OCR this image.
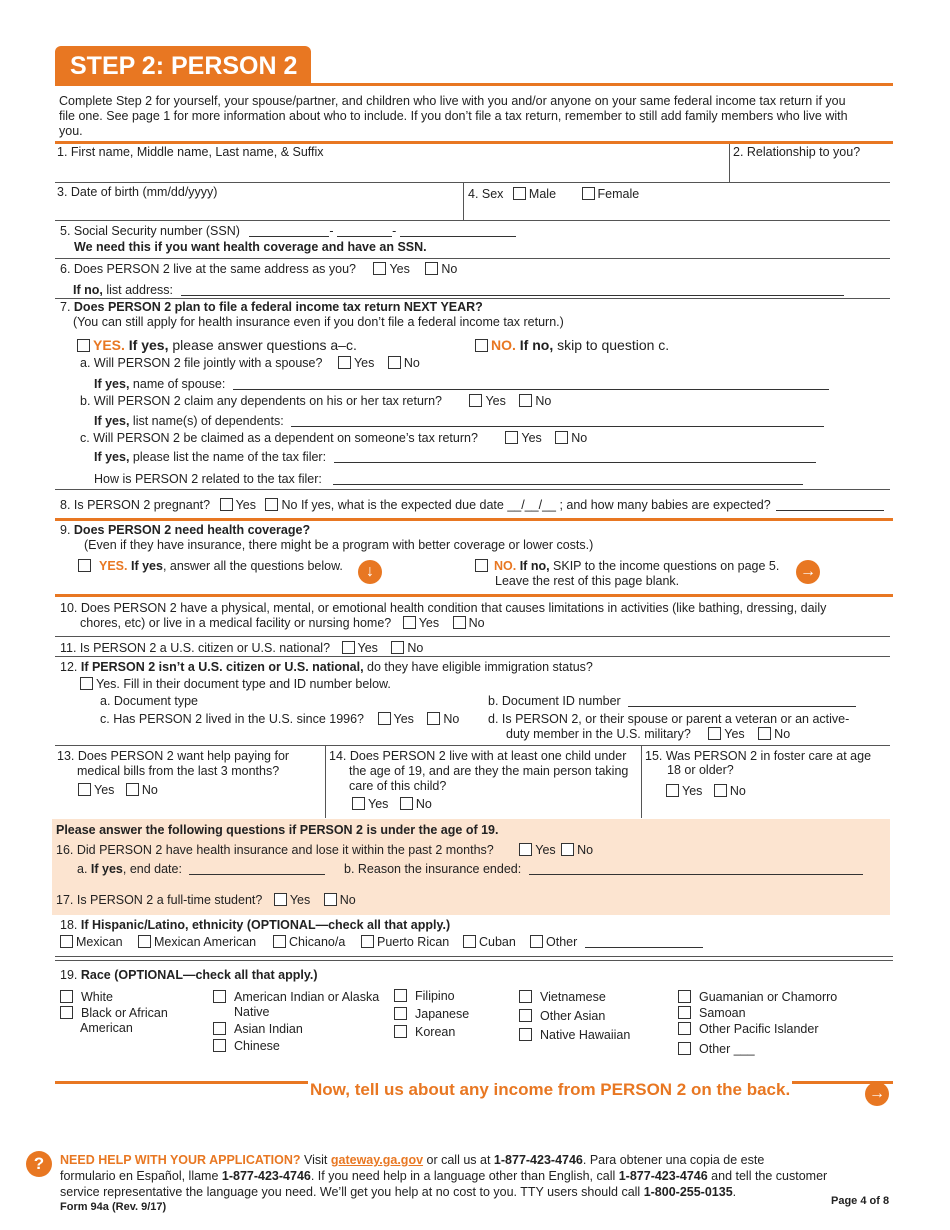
STEP 2: PERSON 2
Complete Step 2 for yourself, your spouse/partner, and children who live with you and/or anyone on your same federal income tax return if you file one. See page 1 for more information about who to include. If you don’t file a tax return, remember to still add family members who live with you.
1. First name, Middle name, Last name, & Suffix	2. Relationship to you?
3. Date of birth (mm/dd/yyyy)	4. Sex Male	Female
5. Social Security number (SSN)	-	-
We need this if you want health coverage and have an SSN.
6. Does PERSON 2 live at the same address as you?	Yes	No
If no, list address:
7. Does PERSON 2 plan to file a federal income tax return NEXT YEAR?
(You can still apply for health insurance even if you don’t file a federal income tax return.)
YES. If yes, please answer questions a–c.	NO. If no, skip to question c.
a. Will PERSON 2 file jointly with a spouse?	Yes No
If yes, name of spouse:
b. Will PERSON 2 claim any dependents on his or her tax return?	Yes No
If yes, list name(s) of dependents:
c. Will PERSON 2 be claimed as a dependent on someone’s tax return?	Yes No
If yes, please list the name of the tax filer:
How is PERSON 2 related to the tax filer:
8. Is PERSON 2 pregnant? Yes No If yes, what is the expected due date __/__/__ ; and how many babies are expected?
9. Does PERSON 2 need health coverage?
(Even if they have insurance, there might be a program with better coverage or lower costs.)
YES. If yes, answer all the questions below.	↓	NO. If no, SKIP to the income questions on page 5.
Leave the rest of this page blank.
→
10. Does PERSON 2 have a physical, mental, or emotional health condition that causes limitations in activities (like bathing, dressing, daily
chores, etc) or live in a medical facility or nursing home? Yes No
11. Is PERSON 2 a U.S. citizen or U.S. national? Yes No
12. If PERSON 2 isn’t a U.S. citizen or U.S. national, do they have eligible immigration status?
Yes. Fill in their document type and ID number below.
a. Document type	b. Document ID number
c. Has PERSON 2 lived in the U.S. since 1996? Yes No d. Is PERSON 2, or their spouse or parent a veteran or an active-
duty member in the U.S. military?	Yes No
13. Does PERSON 2 want help paying for
medical bills from the last 3 months?
Yes No
14. Does PERSON 2 live with at least one child under
the age of 19, and are they the main person taking
care of this child?
Yes No
15. Was PERSON 2 in foster care at age
18 or older?
Yes No
Please answer the following questions if PERSON 2 is under the age of 19.
16. Did PERSON 2 have health insurance and lose it within the past 2 months?	Yes No
a. If yes, end date:	b. Reason the insurance ended:
17. Is PERSON 2 a full-time student? Yes No
18. If Hispanic/Latino, ethnicity (OPTIONAL—check all that apply.)
Mexican	Mexican American	Chicano/a	Puerto Rican	Cuban	Other
19. Race (OPTIONAL—check all that apply.)
White
Black or African
American
American Indian or Alaska
Native
Asian Indian
Chinese
Filipino
Japanese
Korean
Vietnamese
Other Asian
Native Hawaiian
Guamanian or Chamorro
Samoan
Other Pacific Islander
Other ___
Now, tell us about any income from PERSON 2 on the back.	→
?	NEED HELP WITH YOUR APPLICATION? Visit gateway.ga.gov or call us at 1-877-423-4746. Para obtener una copia de este
formulario en Español, llame 1-877-423-4746. If you need help in a language other than English, call 1-877-423-4746 and tell the customer
service representative the language you need. We’ll get you help at no cost to you. TTY users should call 1-800-255-0135.
Form 94a (Rev. 9/17)	Page 4 of 8
